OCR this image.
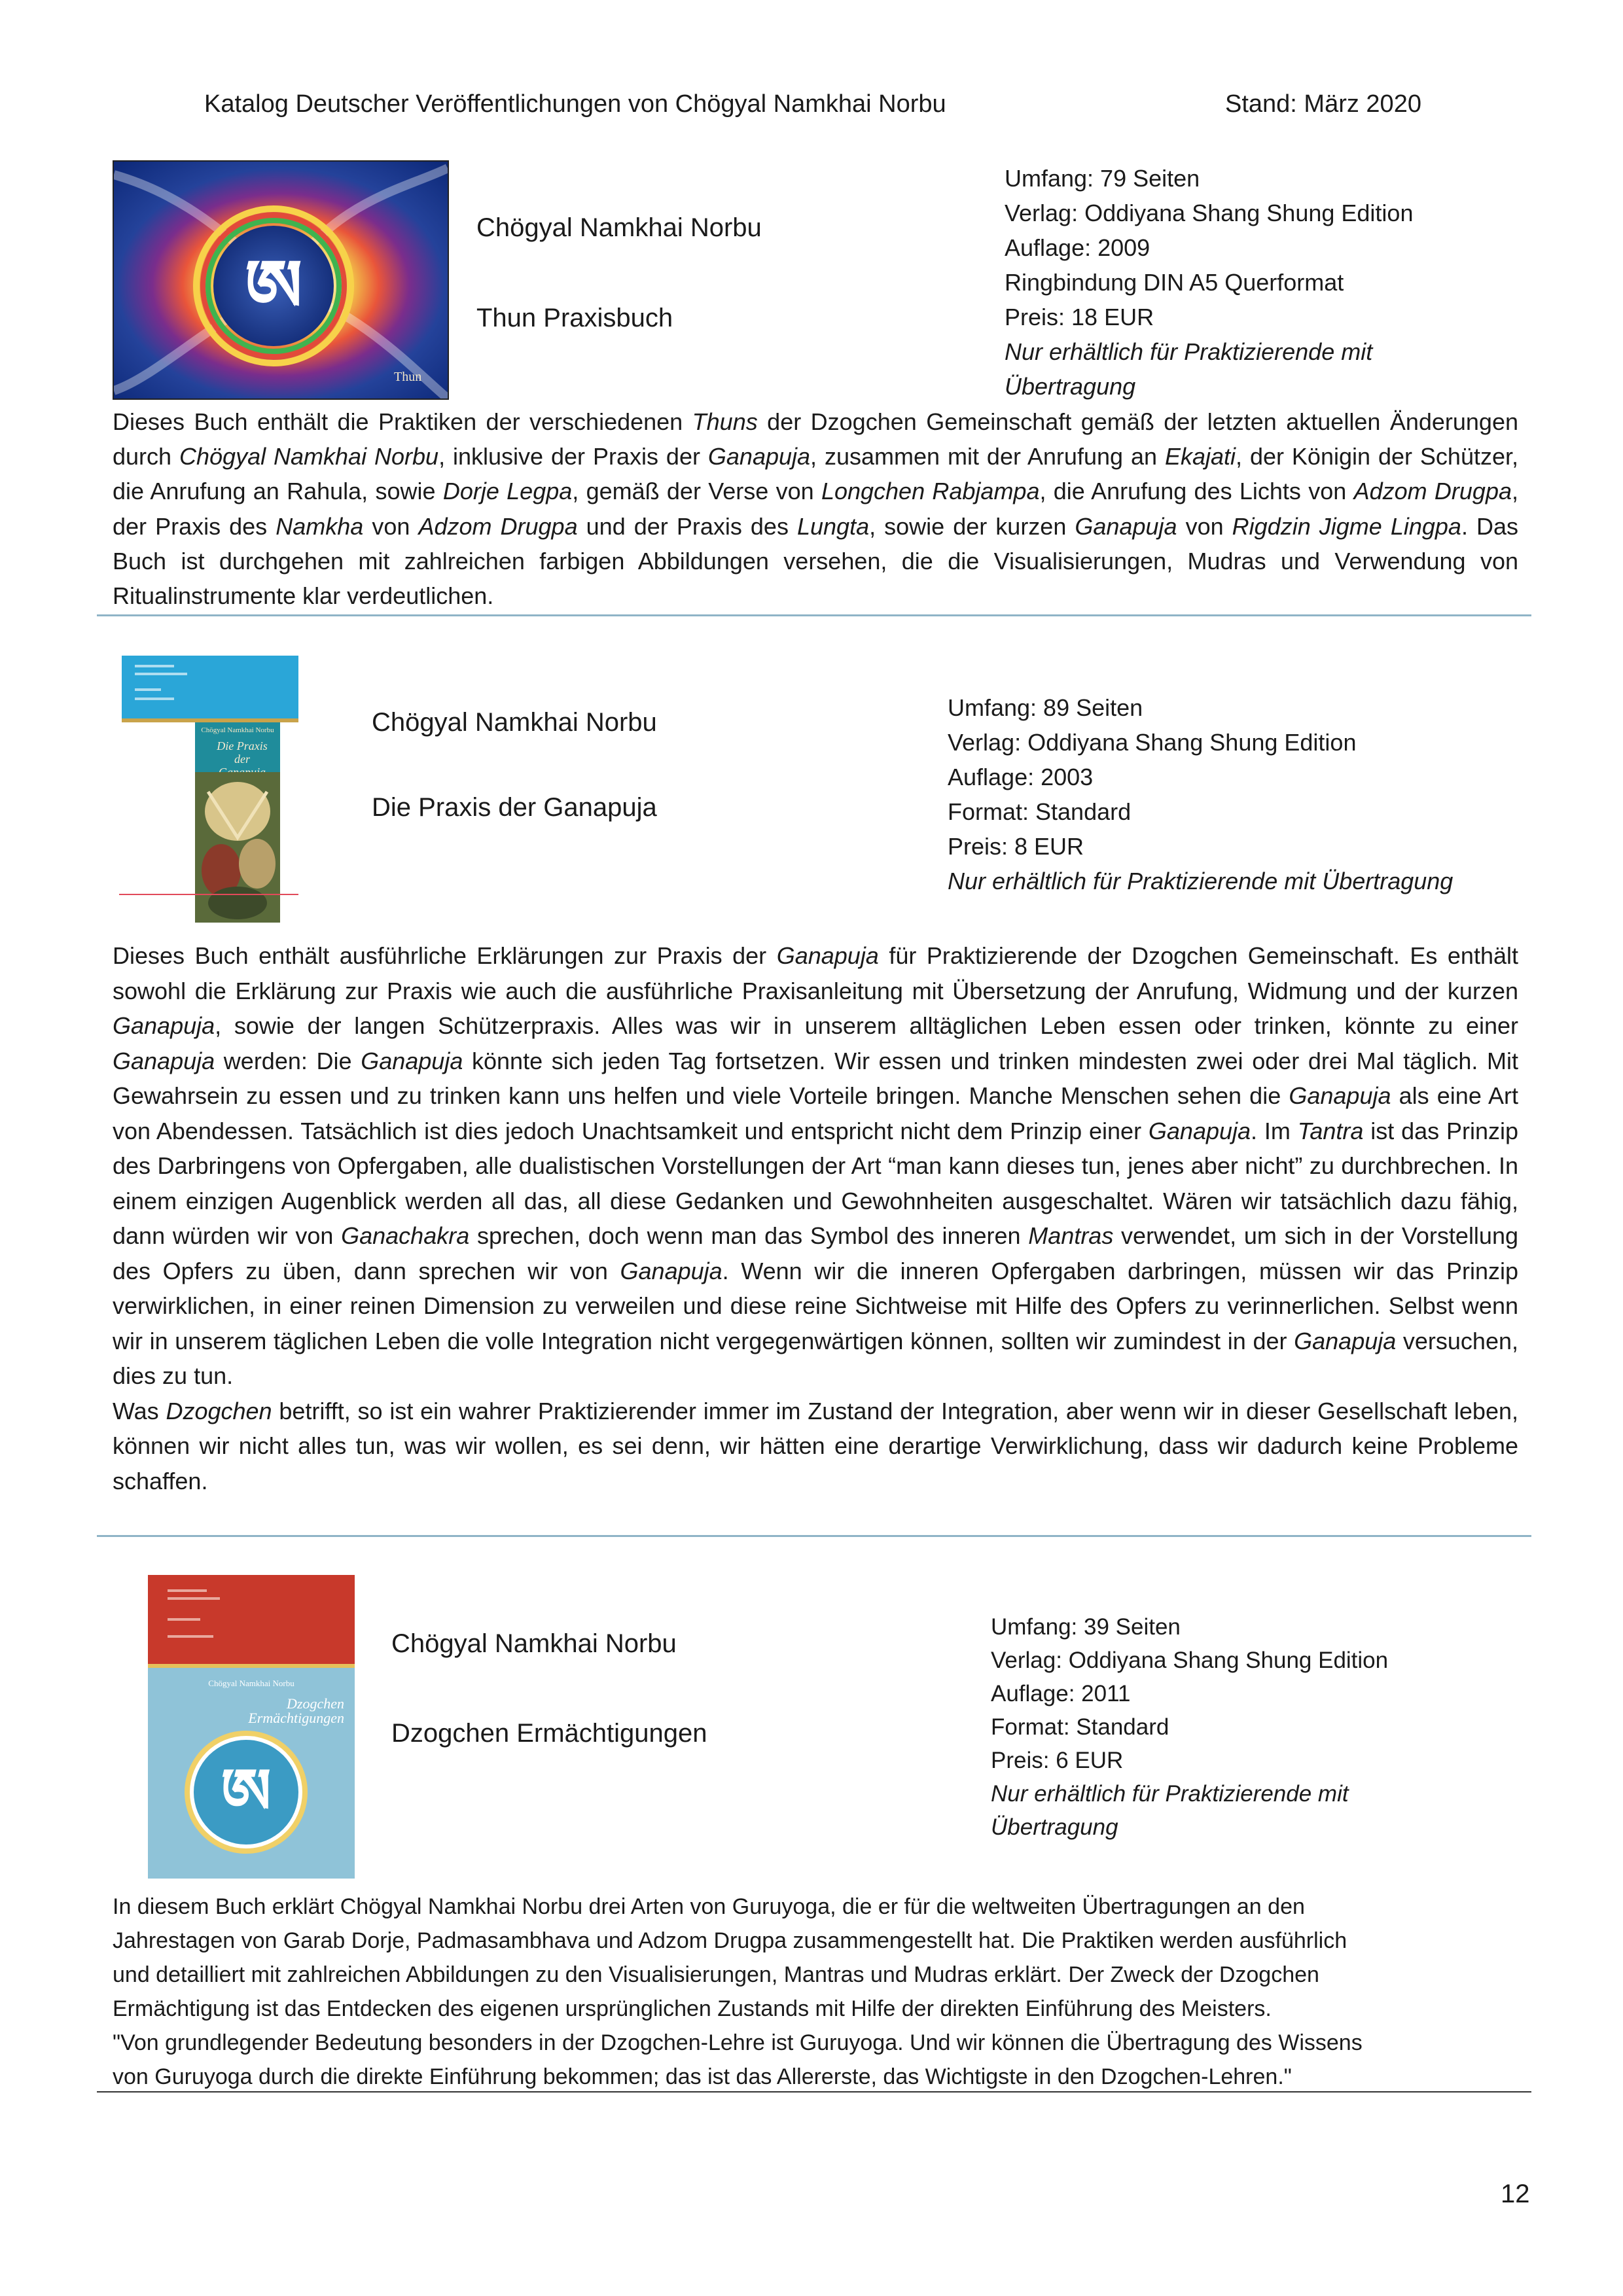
Katalog Deutscher Veröffentlichungen von Chögyal Namkhai Norbu	Stand: März 2020
ཨ
Thun
Chögyal Namkhai Norbu
Thun Praxisbuch
Umfang: 79 Seiten
Verlag: Oddiyana Shang Shung Edition
Auflage: 2009
Ringbindung DIN A5 Querformat
Preis: 18 EUR
Nur erhältlich für Praktizierende mit
Übertragung

Dieses Buch enthält die Praktiken der verschiedenen Thuns der Dzogchen Gemeinschaft gemäß der letzten aktuellen Änderungen durch Chögyal Namkhai Norbu, inklusive der Praxis der Ganapuja, zusammen mit der Anrufung an Ekajati, der Königin der Schützer, die Anrufung an Rahula, sowie Dorje Legpa, gemäß der Verse von Longchen Rabjampa, die Anrufung des Lichts von Adzom Drugpa, der Praxis des Namkha von Adzom Drugpa und der Praxis des Lungta, sowie der kurzen Ganapuja von Rigdzin Jigme Lingpa. Das Buch ist durchgehen mit zahlreichen farbigen Abbildungen versehen, die die Visualisierungen, Mudras und Verwendung von Ritualinstrumente klar verdeutlichen.

Chögyal Namkhai Norbu
Die Praxis der
Chögyal Namkhai Norbu
Die Praxis der Ganapuja
Umfang: 89 Seiten
Verlag: Oddiyana Shang Shung Edition
Auflage: 2003
Format: Standard
Preis: 8 EUR
Nur erhältlich für Praktizierende mit Übertragung

Dieses Buch enthält ausführliche Erklärungen zur Praxis der Ganapuja für Praktizierende der Dzogchen Gemeinschaft. Es enthält sowohl die Erklärung zur Praxis wie auch die ausführliche Praxisanleitung mit Übersetzung der Anrufung, Widmung und der kurzen Ganapuja, sowie der langen Schützerpraxis. Alles was wir in unserem alltäglichen Leben essen oder trinken, könnte zu einer Ganapuja werden: Die Ganapuja könnte sich jeden Tag fortsetzen. Wir essen und trinken mindesten zwei oder drei Mal täglich. Mit Gewahrsein zu essen und zu trinken kann uns helfen und viele Vorteile bringen. Manche Menschen sehen die Ganapuja als eine Art von Abendessen. Tatsächlich ist dies jedoch Unachtsamkeit und entspricht nicht dem Prinzip einer Ganapuja. Im Tantra ist das Prinzip des Darbringens von Opfergaben, alle dualistischen Vorstellungen der Art “man kann dieses tun, jenes aber nicht” zu durchbrechen. In einem einzigen Augenblick werden all das, all diese Gedanken und Gewohnheiten ausgeschaltet. Wären wir tatsächlich dazu fähig, dann würden wir von Ganachakra sprechen, doch wenn man das Symbol des inneren Mantras verwendet, um sich in der Vorstellung des Opfers zu üben, dann sprechen wir von Ganapuja. Wenn wir die inneren Opfergaben darbringen, müssen wir das Prinzip verwirklichen, in einer reinen Dimension zu verweilen und diese reine Sichtweise mit Hilfe des Opfers zu verinnerlichen. Selbst wenn wir in unserem täglichen Leben die volle Integration nicht vergegenwärtigen können, sollten wir zumindest in der Ganapuja versuchen, dies zu tun.

Was Dzogchen betrifft, so ist ein wahrer Praktizierender immer im Zustand der Integration, aber wenn wir in dieser Gesellschaft leben, können wir nicht alles tun, was wir wollen, es sei denn, wir hätten eine derartige Verwirklichung, dass wir dadurch keine Probleme schaffen.

Chögyal Namkhai Norbu
Dzogchen Ermächtigungen
ཨ
Chögyal Namkhai Norbu
Dzogchen Ermächtigungen
Umfang: 39 Seiten
Verlag: Oddiyana Shang Shung Edition
Auflage: 2011
Format: Standard
Preis: 6 EUR
Nur erhältlich für Praktizierende mit
Übertragung
In diesem Buch erklärt Chögyal Namkhai Norbu drei Arten von Guruyoga, die er für die weltweiten Übertragungen an den
Jahrestagen von Garab Dorje, Padmasambhava und Adzom Drugpa zusammengestellt hat. Die Praktiken werden ausführlich
und detailliert mit zahlreichen Abbildungen zu den Visualisierungen, Mantras und Mudras erklärt. Der Zweck der Dzogchen
Ermächtigung ist das Entdecken des eigenen ursprünglichen Zustands mit Hilfe der direkten Einführung des Meisters.
"Von grundlegender Bedeutung besonders in der Dzogchen-Lehre ist Guruyoga. Und wir können die Übertragung des Wissens
von Guruyoga durch die direkte Einführung bekommen; das ist das Allererste, das Wichtigste in den Dzogchen-Lehren."
12
